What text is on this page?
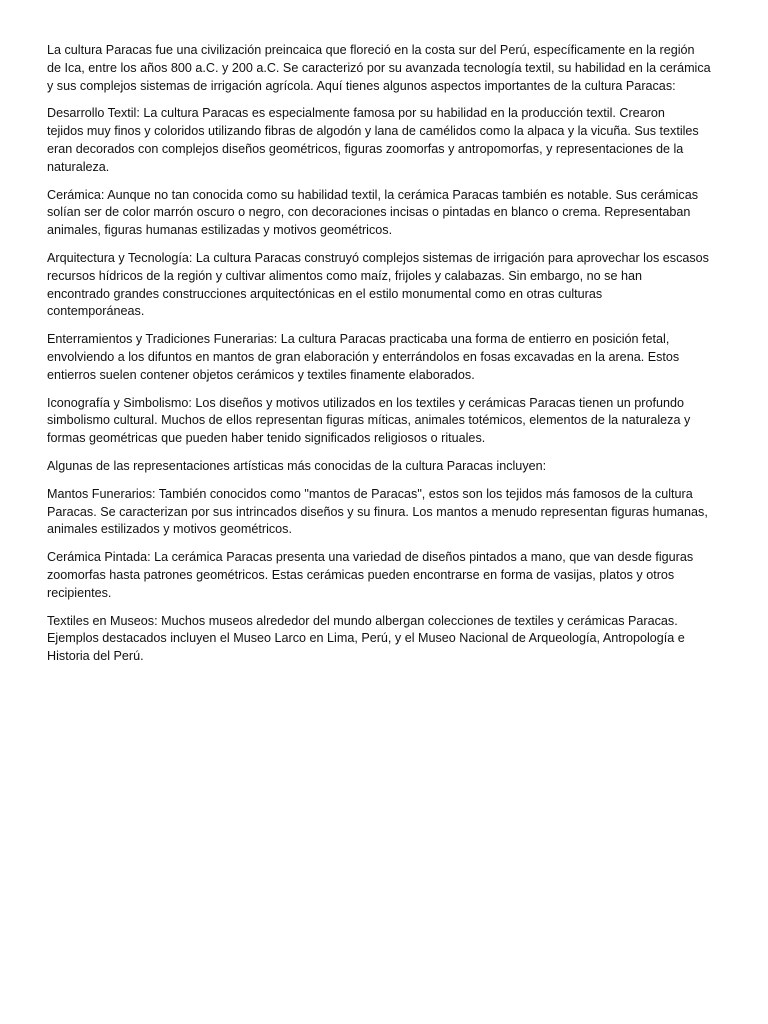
La cultura Paracas fue una civilización preincaica que floreció en la costa sur del Perú, específicamente en la región
de Ica, entre los años 800 a.C. y 200 a.C. Se caracterizó por su avanzada tecnología textil, su habilidad en la cerámica
y sus complejos sistemas de irrigación agrícola. Aquí tienes algunos aspectos importantes de la cultura Paracas:

Desarrollo Textil: La cultura Paracas es especialmente famosa por su habilidad en la producción textil. Crearon
tejidos muy finos y coloridos utilizando fibras de algodón y lana de camélidos como la alpaca y la vicuña. Sus textiles
eran decorados con complejos diseños geométricos, figuras zoomorfas y antropomorfas, y representaciones de la
naturaleza.

Cerámica: Aunque no tan conocida como su habilidad textil, la cerámica Paracas también es notable. Sus cerámicas
solían ser de color marrón oscuro o negro, con decoraciones incisas o pintadas en blanco o crema. Representaban
animales, figuras humanas estilizadas y motivos geométricos.

Arquitectura y Tecnología: La cultura Paracas construyó complejos sistemas de irrigación para aprovechar los escasos
recursos hídricos de la región y cultivar alimentos como maíz, frijoles y calabazas. Sin embargo, no se han
encontrado grandes construcciones arquitectónicas en el estilo monumental como en otras culturas
contemporáneas.

Enterramientos y Tradiciones Funerarias: La cultura Paracas practicaba una forma de entierro en posición fetal,
envolviendo a los difuntos en mantos de gran elaboración y enterrándolos en fosas excavadas en la arena. Estos
entierros suelen contener objetos cerámicos y textiles finamente elaborados.

Iconografía y Simbolismo: Los diseños y motivos utilizados en los textiles y cerámicas Paracas tienen un profundo
simbolismo cultural. Muchos de ellos representan figuras míticas, animales totémicos, elementos de la naturaleza y
formas geométricas que pueden haber tenido significados religiosos o rituales.

Algunas de las representaciones artísticas más conocidas de la cultura Paracas incluyen:

Mantos Funerarios: También conocidos como "mantos de Paracas", estos son los tejidos más famosos de la cultura
Paracas. Se caracterizan por sus intrincados diseños y su finura. Los mantos a menudo representan figuras humanas,
animales estilizados y motivos geométricos.

Cerámica Pintada: La cerámica Paracas presenta una variedad de diseños pintados a mano, que van desde figuras
zoomorfas hasta patrones geométricos. Estas cerámicas pueden encontrarse en forma de vasijas, platos y otros
recipientes.

Textiles en Museos: Muchos museos alrededor del mundo albergan colecciones de textiles y cerámicas Paracas.
Ejemplos destacados incluyen el Museo Larco en Lima, Perú, y el Museo Nacional de Arqueología, Antropología e
Historia del Perú.
